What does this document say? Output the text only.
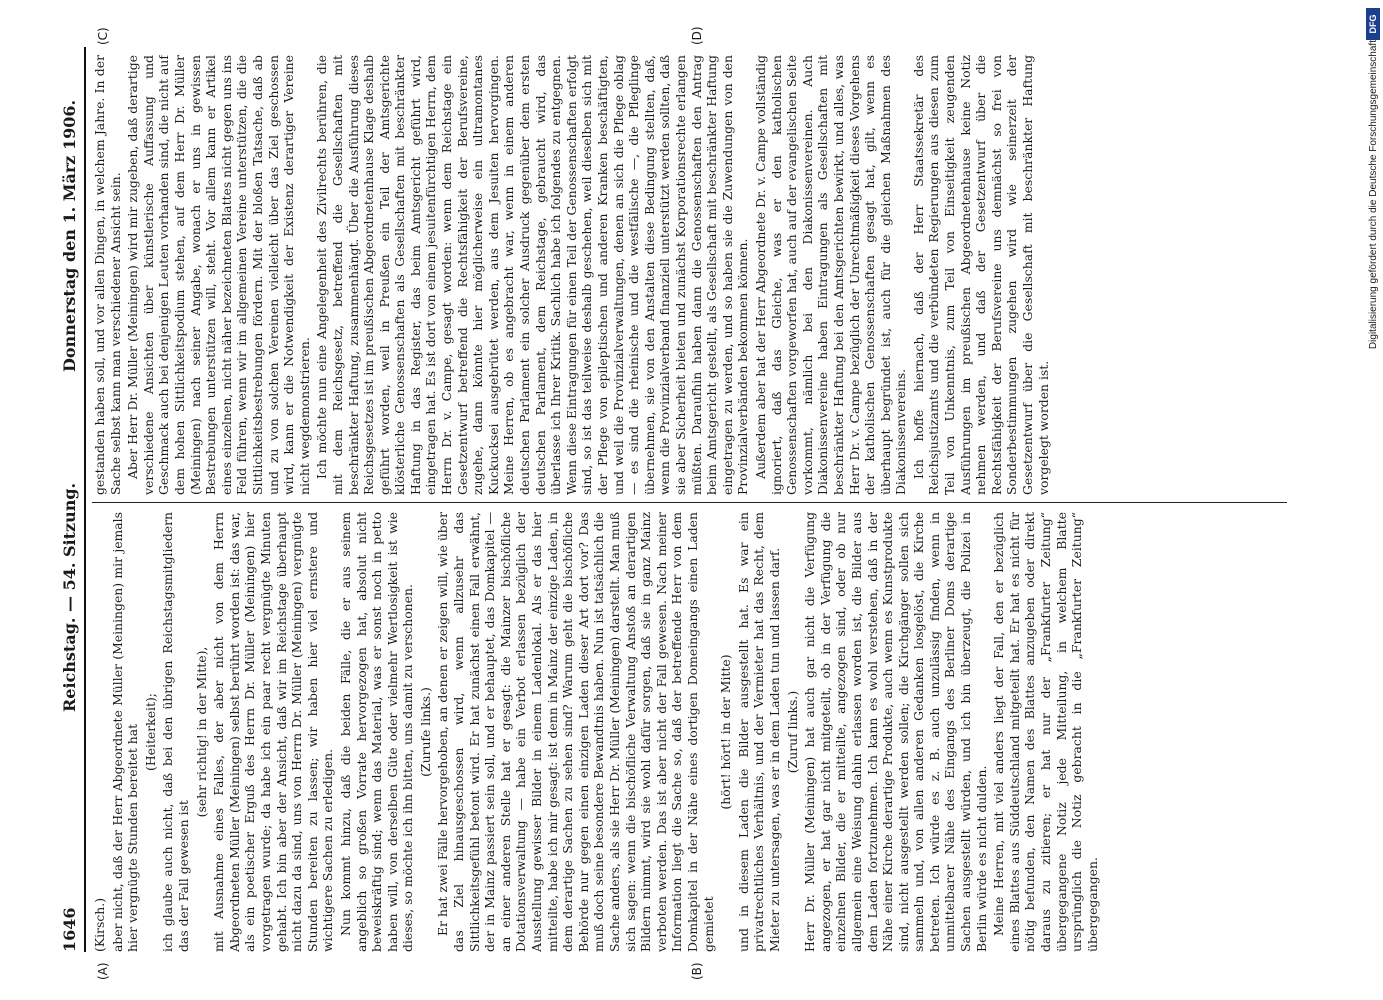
1646
Reichstag. — 54. Sitzung.
Donnerstag den 1. März 1906.
(A)	(B)
(C)	(D)

(Kirsch.) aber nicht, daß der Herr Abgeordnete Müller (Meiningen) mir jemals hier vergnügte Stunden bereitet hat (Heiterkeit); ich glaube auch nicht, daß bei den übrigen Reichstagsmitgliedern das der Fall gewesen ist

(sehr richtig! in der Mitte), mit Ausnahme eines Falles, der aber nicht von dem Herrn Abgeordneten Müller (Meiningen) selbst berührt worden ist: das war, als ein poetischer Erguß des Herrn Dr. Müller (Meiningen) hier vorgetragen wurde; da habe ich ein paar recht vergnügte Minuten gehabt. Ich bin aber der Ansicht, daß wir im Reichstage überhaupt nicht dazu da sind, uns von Herrn Dr. Müller (Meiningen) vergnügte Stunden bereiten zu lassen; wir haben hier viel ernstere und wichtigere Sachen zu erledigen. Nun kommt hinzu, daß die beiden Fälle, die er aus seinem angeblich so großen Vorrate hervorgezogen hat, absolut nicht beweiskräftig sind; wenn das Material, was er sonst noch in petto haben will, von derselben Güte oder vielmehr Wertlosigkeit ist wie dieses, so möchte ich ihn bitten, uns damit zu verschonen. (Zurufe links.) Er hat zwei Fälle hervorgehoben, an denen er zeigen will, wie über das Ziel hinausgeschossen wird, wenn allzusehr das Sittlichkeitsgefühl betont wird. Er hat zunächst einen Fall erwähnt, der in Mainz passiert sein soll, und er behauptet, das Domkapitel — an einer anderen Stelle hat er gesagt: die Mainzer bischöfliche Dotationsverwaltung — habe ein Verbot erlassen bezüglich der Ausstellung gewisser Bilder in einem Ladenlokal. Als er das hier mitteilte, habe ich mir gesagt: ist denn in Mainz der einzige Laden, in dem derartige Sachen zu sehen sind? Warum geht die bischöfliche Behörde nur gegen einen einzigen Laden dieser Art dort vor? Das muß doch seine besondere Bewandtnis haben. Nun ist tatsächlich die Sache anders, als sie Herr Dr. Müller (Meiningen) darstellt. Man muß sich sagen: wenn die bischöfliche Verwaltung Anstoß an derartigen Bildern nimmt, wird sie wohl dafür sorgen, daß sie in ganz Mainz verboten werden. Das ist aber nicht der Fall gewesen. Nach meiner Information liegt die Sache so, daß der betreffende Herr von dem Domkapitel in der Nähe eines dortigen Domeingangs einen Laden gemietet

(hört! hört! in der Mitte) und in diesem Laden die Bilder ausgestellt hat. Es war ein privatrechtliches Verhältnis, und der Vermieter hat das Recht, dem Mieter zu untersagen, was er in dem Laden tun und lassen darf. (Zuruf links.) Herr Dr. Müller (Meiningen) hat auch gar nicht die Verfügung angezogen, er hat gar nicht mitgeteilt, ob in der Verfügung die einzelnen Bilder, die er mitteilte, angezogen sind, oder ob nur allgemein eine Weisung dahin erlassen worden ist, die Bilder aus dem Laden fortzunehmen. Ich kann es wohl verstehen, daß in der Nähe einer Kirche derartige Produkte, auch wenn es Kunstprodukte sind, nicht ausgestellt werden sollen; die Kirchgänger sollen sich sammeln und, von allen anderen Gedanken losgelöst, die Kirche betreten. Ich würde es z. B. auch unzulässig finden, wenn in unmittelbarer Nähe des Eingangs des Berliner Doms derartige Sachen ausgestellt würden, und ich bin überzeugt, die Polizei in Berlin würde es nicht dulden. Meine Herren, mit viel anders liegt der Fall, den er bezüglich eines Blattes aus Süddeutschland mitgeteilt hat. Er hat es nicht für nötig befunden, den Namen des Blattes anzugeben oder direkt daraus zu zitieren; er hat nur der „Frankfurter Zeitung“ übergegangene Notiz jede Mitteilung, in welchem Blatte ursprünglich die Notiz gebracht in die „Frankfurter Zeitung“ übergegangen.

gestanden haben soll, und vor allen Dingen, in welchem Jahre. In der Sache selbst kann man verschiedener Ansicht sein. Aber Herr Dr. Müller (Meiningen) wird mir zugeben, daß derartige verschiedene Ansichten über künstlerische Auffassung und Geschmack auch bei denjenigen Leuten vorhanden sind, die nicht auf dem hohen Sittlichkeitspodium stehen, auf dem Herr Dr. Müller (Meiningen) nach seiner Angabe, wonach er uns in gewissen Bestrebungen unterstützen will, steht. Vor allem kann er Artikel eines einzelnen, nicht näher bezeichneten Blattes nicht gegen uns ins Feld führen, wenn wir im allgemeinen Vereine unterstützen, die die Sittlichkeitsbestrebungen fördern. Mit der bloßen Tatsache, daß ab und zu von solchen Vereinen vielleicht über das Ziel geschossen wird, kann er die Notwendigkeit der Existenz derartiger Vereine nicht wegdemonstrieren. Ich möchte nun eine Angelegenheit des Zivilrechts berühren, die mit dem Reichsgesetz, betreffend die Gesellschaften mit beschränkter Haftung, zusammenhängt. Über die Ausführung dieses Reichsgesetzes ist im preußischen Abgeordnetenhause Klage deshalb geführt worden, weil in Preußen ein Teil der Amtsgerichte klösterliche Genossenschaften als Gesellschaften mit beschränkter Haftung in das Register, das beim Amtsgericht geführt wird, eingetragen hat. Es ist dort von einem jesuitenfürchtigen Herrn, dem Herrn Dr. v. Campe, gesagt worden: wenn dem Reichstage ein Gesetzentwurf betreffend die Rechtsfähigkeit der Berufsvereine, zugehe, dann könnte hier möglicherweise ein ultramontanes Kuckucksei ausgebrütet werden, aus dem Jesuiten hervorgingen. Meine Herren, ob es angebracht war, wenn in einem anderen deutschen Parlament ein solcher Ausdruck gegenüber dem ersten deutschen Parlament, dem Reichstage, gebraucht wird, das überlasse ich Ihrer Kritik. Sachlich habe ich folgendes zu entgegnen. Wenn diese Eintragungen für einen Teil der Genossenschaften erfolgt sind, so ist das teilweise deshalb geschehen, weil dieselben sich mit der Pflege von epileptischen und anderen Kranken beschäftigten, und weil die Provinzialverwaltungen, denen an sich die Pflege oblag — es sind die rheinische und die westfälische —, die Pfleglinge übernehmen, sie von den Anstalten diese Bedingung stellten, daß, wenn die Provinzialverband finanziell unterstützt werden sollten, daß sie aber Sicherheit bieten und zunächst Korporationsrechte erlangen müßten. Daraufhin haben dann die Genossenschaften den Antrag beim Amtsgericht gestellt, als Gesellschaft mit beschränkter Haftung eingetragen zu werden, und so haben sie die Zuwendungen von den Provinzialverbänden bekommen können. Außerdem aber hat der Herr Abgeordnete Dr. v. Campe vollständig ignoriert, daß das Gleiche, was er den katholischen Genossenschaften vorgeworfen hat, auch auf der evangelischen Seite vorkommt, nämlich bei den Diakonissenvereinen. Auch Diakonissenvereine haben Eintragungen als Gesellschaften mit beschränkter Haftung bei den Amtsgerichten bewirkt, und alles, was Herr Dr. v. Campe bezüglich der Unrechtmäßigkeit dieses Vorgehens der katholischen Genossenschaften gesagt hat, gilt, wenn es überhaupt begründet ist, auch für die gleichen Maßnahmen des Diakonissenvereins. Ich hoffe hiernach, daß der Herr Staatssekretär des Reichsjustizamts und die verbündeten Regierungen aus diesen zum Teil von Unkenntnis, zum Teil von Einseitigkeit zeugenden Ausführungen im preußischen Abgeordnetenhause keine Notiz nehmen werden, und daß der Gesetzentwurf über die Rechtsfähigkeit der Berufsvereine uns demnächst so frei von Sonderbestimmungen zugehen wird wie seinerzeit der Gesetzentwurf über die Gesellschaft mit beschränkter Haftung vorgelegt worden ist.

Digitalisierung gefördert durch die Deutsche Forschungsgemeinschaft
DFG
